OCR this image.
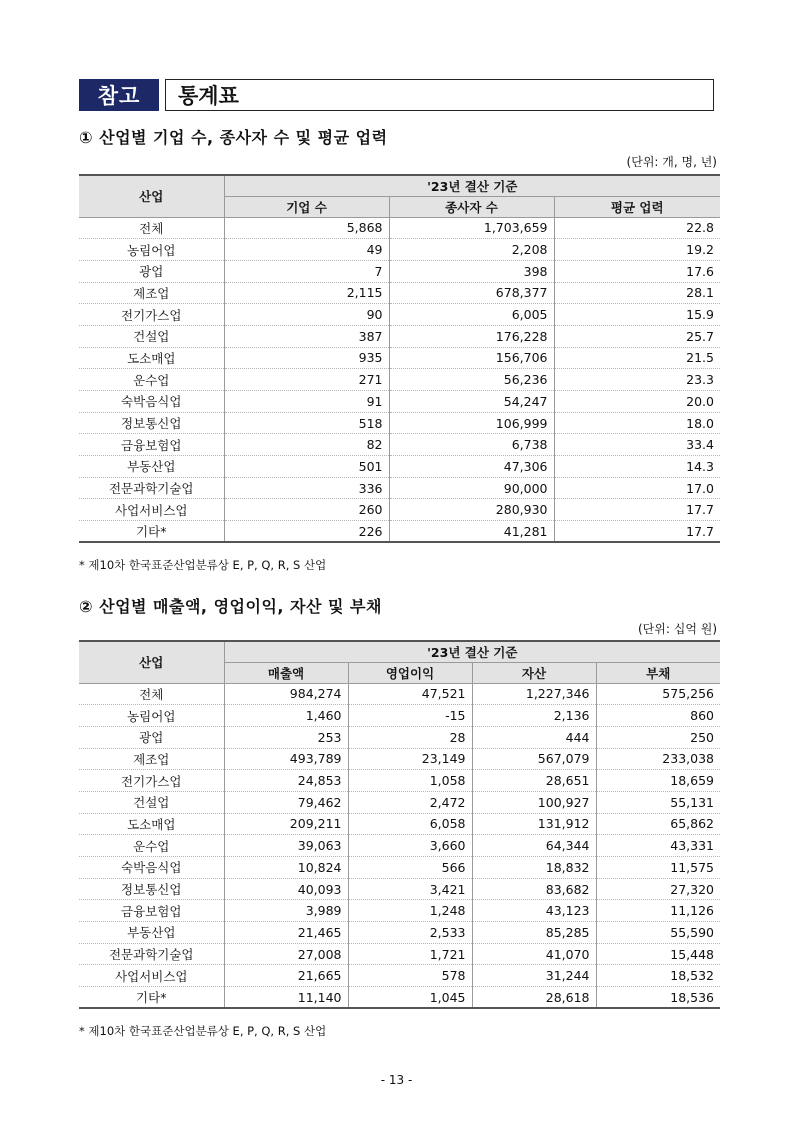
참고	통계표
① 산업별 기업 수, 종사자 수 및 평균 업력
(단위: 개, 명, 년)
산업	'23년 결산 기준		
	기업 수	종사자 수	평균 업력
전체	5,868	1,703,659	22.8
농림어업	49	2,208	19.2
광업	7	398	17.6
제조업	2,115	678,377	28.1
전기가스업	90	6,005	15.9
건설업	387	176,228	25.7
도소매업	935	156,706	21.5
운수업	271	56,236	23.3
숙박음식업	91	54,247	20.0
정보통신업	518	106,999	18.0
금융보험업	82	6,738	33.4
부동산업	501	47,306	14.3
전문과학기술업	336	90,000	17.0
사업서비스업	260	280,930	17.7
기타*	226	41,281	17.7
* 제10차 한국표준산업분류상 E, P, Q, R, S 산업
② 산업별 매출액, 영업이익, 자산 및 부채
(단위: 십억 원)
산업	'23년 결산 기준			
	매출액	영업이익	자산	부채
전체	984,274	47,521	1,227,346	575,256
농림어업	1,460	-15	2,136	860
광업	253	28	444	250
제조업	493,789	23,149	567,079	233,038
전기가스업	24,853	1,058	28,651	18,659
건설업	79,462	2,472	100,927	55,131
도소매업	209,211	6,058	131,912	65,862
운수업	39,063	3,660	64,344	43,331
숙박음식업	10,824	566	18,832	11,575
정보통신업	40,093	3,421	83,682	27,320
금융보험업	3,989	1,248	43,123	11,126
부동산업	21,465	2,533	85,285	55,590
전문과학기술업	27,008	1,721	41,070	15,448
사업서비스업	21,665	578	31,244	18,532
기타*	11,140	1,045	28,618	18,536
* 제10차 한국표준산업분류상 E, P, Q, R, S 산업
- 13 -
